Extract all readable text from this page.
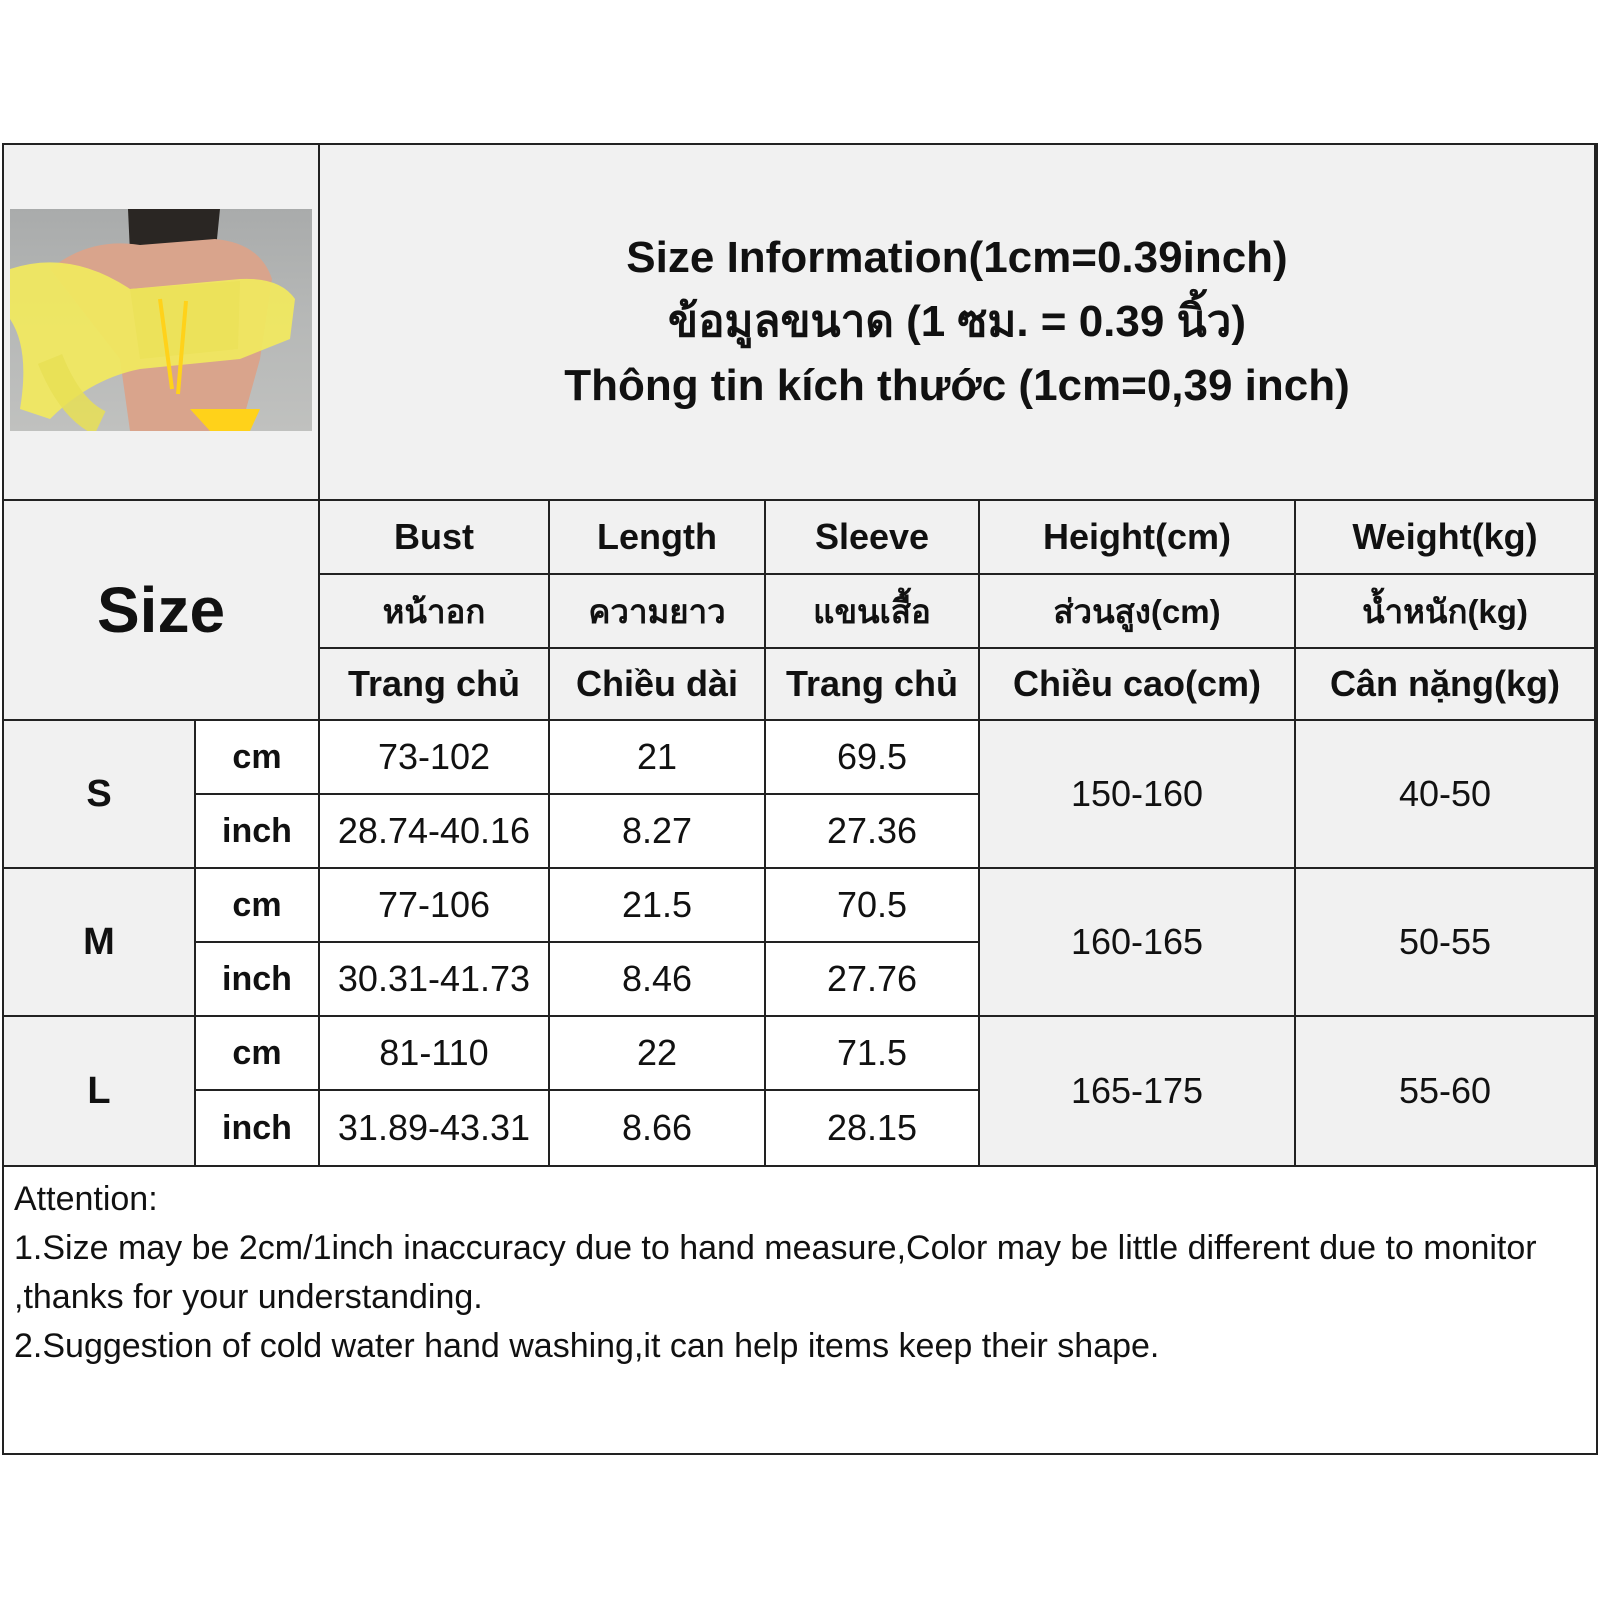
Size Information(1cm=0.39inch)
ข้อมูลขนาด (1 ซม. = 0.39 นิ้ว)
Thông tin kích thước (1cm=0,39 inch)
Size
Bust	Length	Sleeve	Height(cm)	Weight(kg)
หน้าอก	ความยาว	แขนเสื้อ	ส่วนสูง(cm)	น้ำหนัก(kg)
Trang chủ	Chiều dài	Trang chủ	Chiều cao(cm)	Cân nặng(kg)
S
cm	73-102	21	69.5
inch	28.74-40.16	8.27	27.36
150-160	40-50
M
cm	77-106	21.5	70.5
inch	30.31-41.73	8.46	27.76
160-165	50-55
L
cm	81-110	22	71.5
inch	31.89-43.31	8.66	28.15
165-175	55-60

Attention:

1.Size may be 2cm/1inch inaccuracy due to hand measure,Color may be little different due to monitor ,thanks for your understanding.

2.Suggestion of cold water hand washing,it can help items keep their shape.
